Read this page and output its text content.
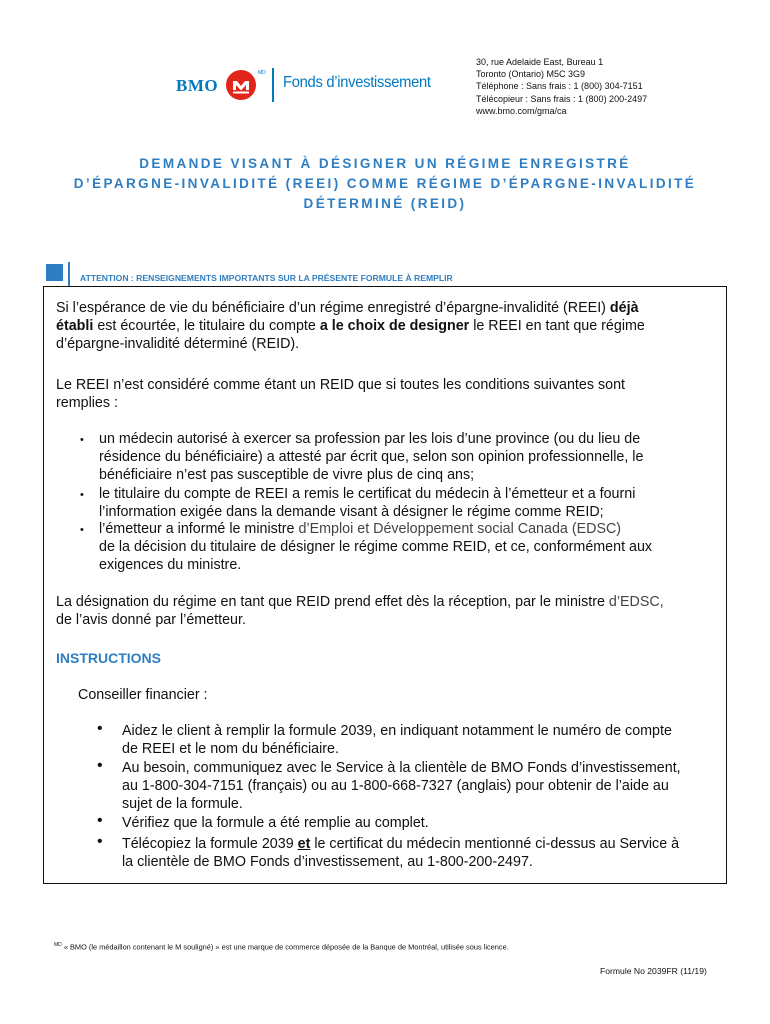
BMO
MD
Fonds d’investissement
30, rue Adelaide East, Bureau 1
Toronto (Ontario) M5C 3G9
Téléphone : Sans frais : 1 (800) 304-7151
Télécopieur : Sans frais : 1 (800) 200-2497
www.bmo.com/gma/ca
DEMANDE VISANT À DÉSIGNER UN RÉGIME ENREGISTRÉ
D’ÉPARGNE-INVALIDITÉ (REEI) COMME RÉGIME D’ÉPARGNE-INVALIDITÉ
DÉTERMINÉ (REID)
ATTENTION : RENSEIGNEMENTS IMPORTANTS SUR LA PRÉSENTE FORMULE À REMPLIR
Si l’espérance de vie du bénéficiaire d’un régime enregistré d’épargne-invalidité (REEI) déjà
établi est écourtée, le titulaire du compte a le choix de designer le REEI en tant que régime
d’épargne-invalidité déterminé (REID).
Le REEI n’est considéré comme étant un REID que si toutes les conditions suivantes sont
remplies :
• un médecin autorisé à exercer sa profession par les lois d’une province (ou du lieu de
résidence du bénéficiaire) a attesté par écrit que, selon son opinion professionnelle, le
bénéficiaire n’est pas susceptible de vivre plus de cinq ans;
• le titulaire du compte de REEI a remis le certificat du médecin à l’émetteur et a fourni
l’information exigée dans la demande visant à désigner le régime comme REID;
• l’émetteur a informé le ministre d’Emploi et Développement social Canada (EDSC)
de la décision du titulaire de désigner le régime comme REID, et ce, conformément aux
exigences du ministre.
La désignation du régime en tant que REID prend effet dès la réception, par le ministre d’EDSC,
de l’avis donné par l’émetteur.
INSTRUCTIONS
Conseiller financier :
• Aidez le client à remplir la formule 2039, en indiquant notamment le numéro de compte
de REEI et le nom du bénéficiaire.
• Au besoin, communiquez avec le Service à la clientèle de BMO Fonds d’investissement,
au 1-800-304-7151 (français) ou au 1-800-668-7327 (anglais) pour obtenir de l’aide au
sujet de la formule.
• Vérifiez que la formule a été remplie au complet.
• Télécopiez la formule 2039 et le certificat du médecin mentionné ci-dessus au Service à
la clientèle de BMO Fonds d’investissement, au 1-800-200-2497.
$^{MD}$ « BMO (le médaillon contenant le M souligné) » est une marque de commerce déposée de la Banque de Montréal, utilisée sous licence.
Formule No 2039FR (11/19)
